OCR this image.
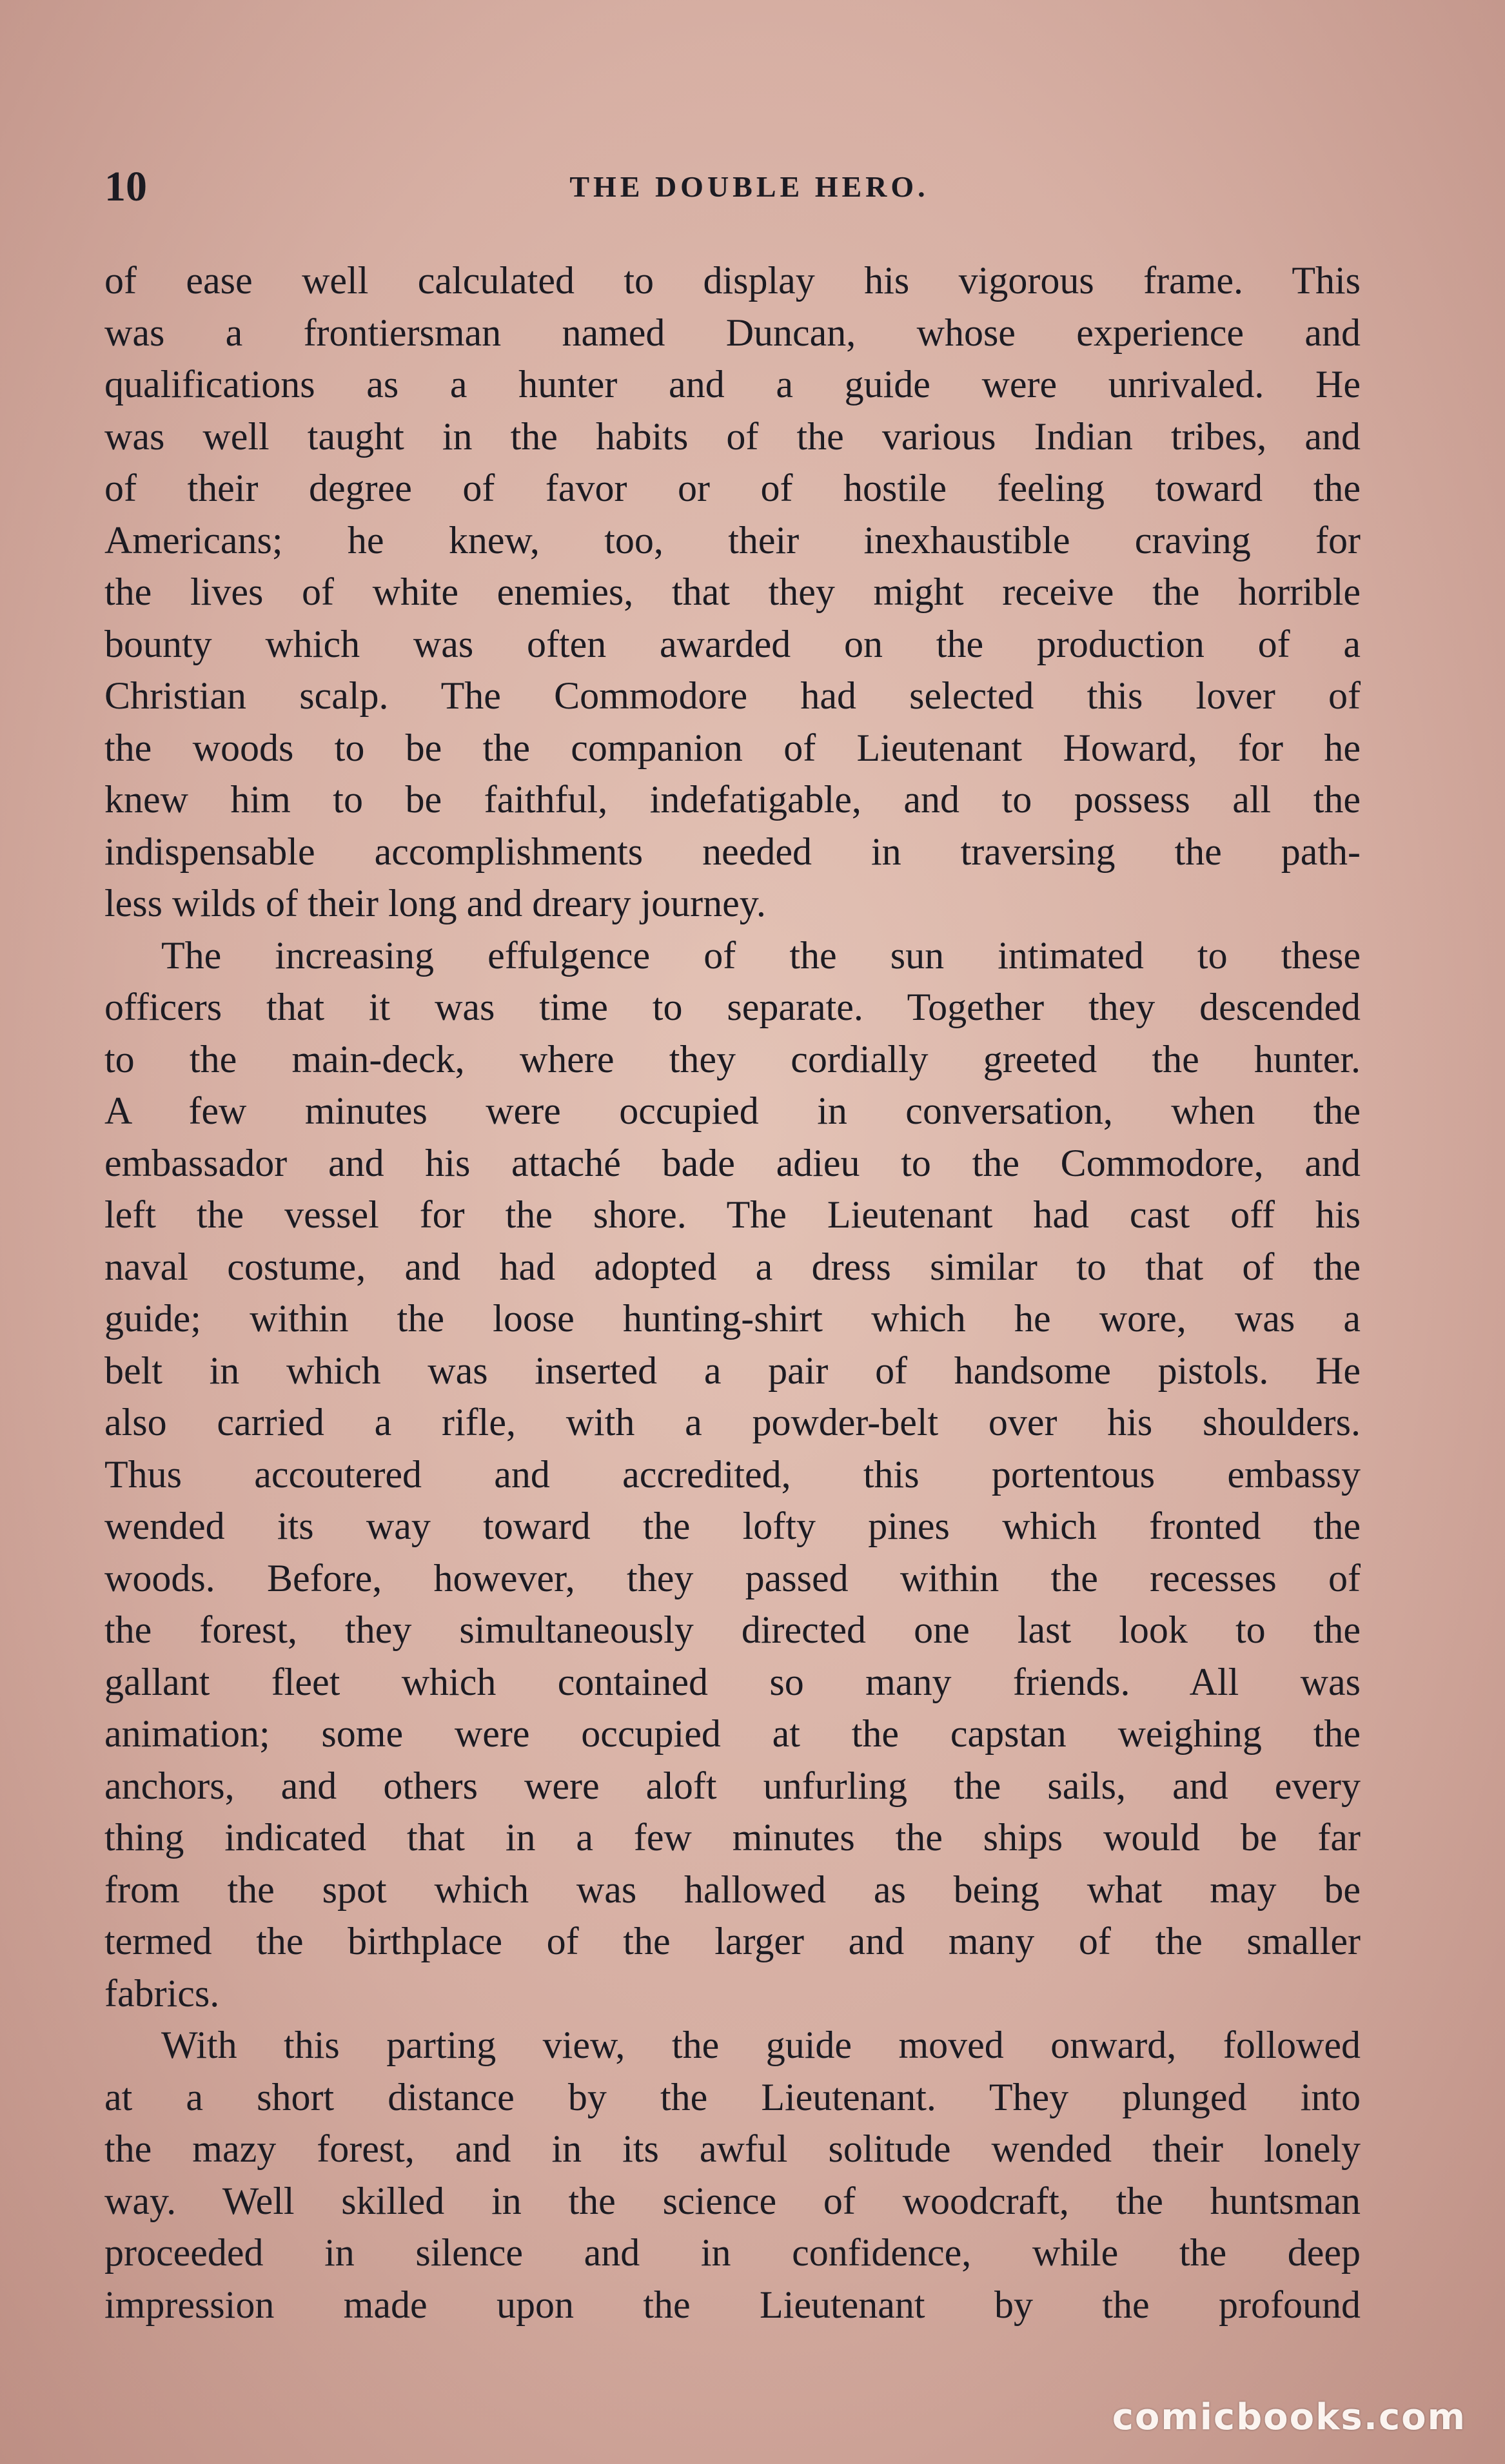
10	THE DOUBLE HERO.
of ease well calculated to display his vigorous frame. This
was a frontiersman named Duncan, whose experience and
qualifications as a hunter and a guide were unrivaled. He
was well taught in the habits of the various Indian tribes, and
of their degree of favor or of hostile feeling toward the
Americans; he knew, too, their inexhaustible craving for
the lives of white enemies, that they might receive the horrible
bounty which was often awarded on the production of a
Christian scalp. The Commodore had selected this lover of
the woods to be the companion of Lieutenant Howard, for he
knew him to be faithful, indefatigable, and to possess all the
indispensable accomplishments needed in traversing the path-
less wilds of their long and dreary journey.
The increasing effulgence of the sun intimated to these
officers that it was time to separate. Together they descended
to the main-deck, where they cordially greeted the hunter.
A few minutes were occupied in conversation, when the
embassador and his attaché bade adieu to the Commodore, and
left the vessel for the shore. The Lieutenant had cast off his
naval costume, and had adopted a dress similar to that of the
guide; within the loose hunting-shirt which he wore, was a
belt in which was inserted a pair of handsome pistols. He
also carried a rifle, with a powder-belt over his shoulders.
Thus accoutered and accredited, this portentous embassy
wended its way toward the lofty pines which fronted the
woods. Before, however, they passed within the recesses of
the forest, they simultaneously directed one last look to the
gallant fleet which contained so many friends. All was
animation; some were occupied at the capstan weighing the
anchors, and others were aloft unfurling the sails, and every
thing indicated that in a few minutes the ships would be far
from the spot which was hallowed as being what may be
termed the birthplace of the larger and many of the smaller
fabrics.
With this parting view, the guide moved onward, followed
at a short distance by the Lieutenant. They plunged into
the mazy forest, and in its awful solitude wended their lonely
way. Well skilled in the science of woodcraft, the huntsman
proceeded in silence and in confidence, while the deep
impression made upon the Lieutenant by the profound
comicbooks.com
